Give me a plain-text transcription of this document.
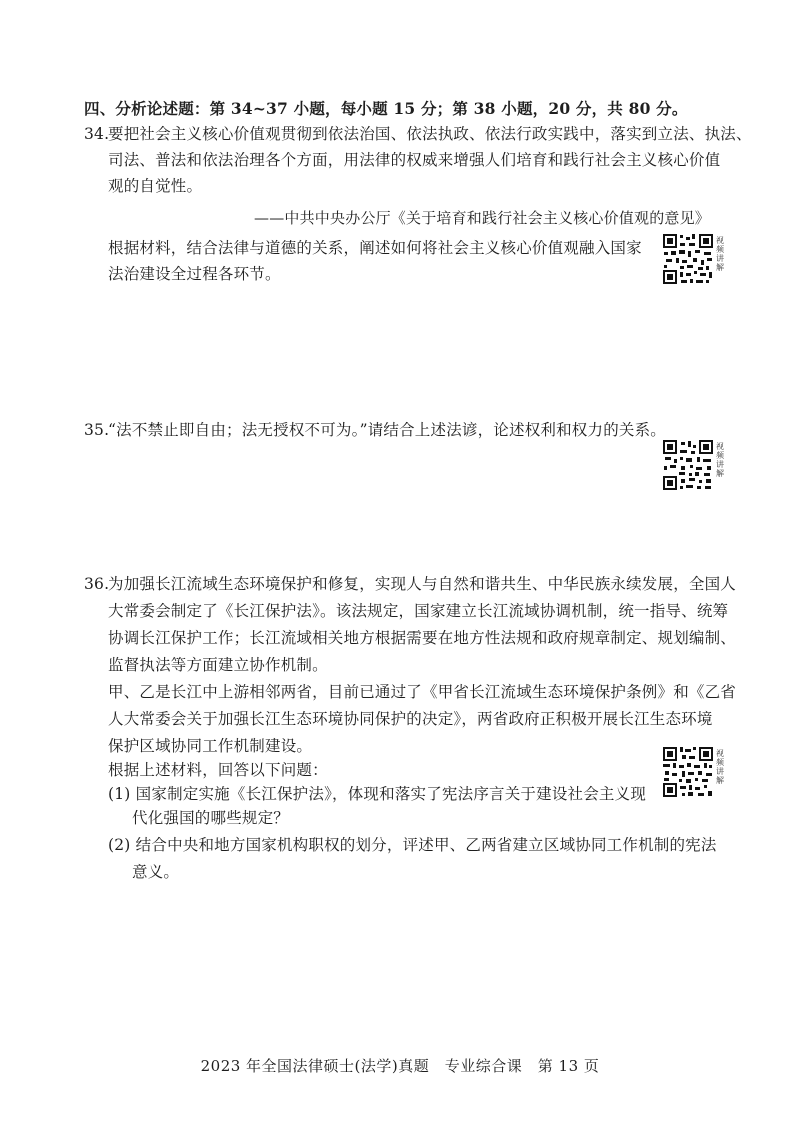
四、分析论述题：第 34~37 小题，每小题 15 分；第 38 小题，20 分，共 80 分。
34.
要把社会主义核心价值观贯彻到依法治国、依法执政、依法行政实践中，落实到立法、执法、
司法、普法和依法治理各个方面，用法律的权威来增强人们培育和践行社会主义核心价值
观的自觉性。
——中共中央办公厅《关于培育和践行社会主义核心价值观的意见》
根据材料，结合法律与道德的关系，阐述如何将社会主义核心价值观融入国家
法治建设全过程各环节。
视频讲解
35.
“法不禁止即自由；法无授权不可为。”请结合上述法谚，论述权利和权力的关系。
视频讲解
36.
为加强长江流域生态环境保护和修复，实现人与自然和谐共生、中华民族永续发展，全国人
大常委会制定了《长江保护法》。该法规定，国家建立长江流域协调机制，统一指导、统筹
协调长江保护工作；长江流域相关地方根据需要在地方性法规和政府规章制定、规划编制、
监督执法等方面建立协作机制。
甲、乙是长江中上游相邻两省，目前已通过了《甲省长江流域生态环境保护条例》和《乙省
人大常委会关于加强长江生态环境协同保护的决定》，两省政府正积极开展长江生态环境
保护区域协同工作机制建设。
根据上述材料，回答以下问题：
(1) 国家制定实施《长江保护法》，体现和落实了宪法序言关于建设社会主义现
代化强国的哪些规定？
(2) 结合中央和地方国家机构职权的划分，评述甲、乙两省建立区域协同工作机制的宪法
意义。
视频讲解
2023 年全国法律硕士(法学)真题　专业综合课　第 13 页
